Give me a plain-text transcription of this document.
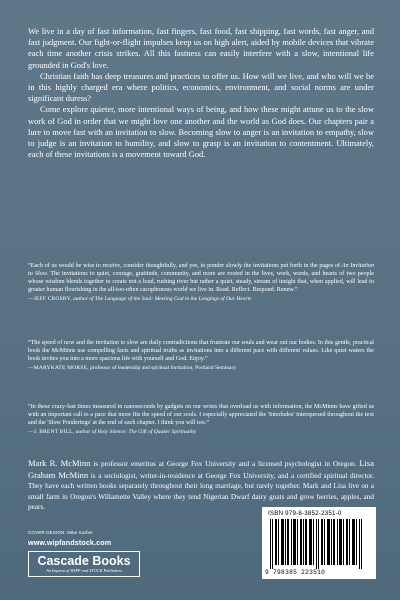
We live in a day of fast information, fast fingers, fast food, fast shipping, fast words, fast anger, and fast judgment. Our fight-or-flight impulses keep us on high alert, aided by mobile devices that vibrate each time another crisis strikes. All this fastness can easily interfere with a slow, intentional life grounded in God's love.

Christian faith has deep treasures and practices to offer us. How will we live, and who will we be in this highly charged era where politics, economics, environment, and social norms are under significant duress?

Come explore quieter, more intentional ways of being, and how these might attune us to the slow work of God in order that we might love one another and the world as God does. Our chapters pair a lure to move fast with an invitation to slow. Becoming slow to anger is an invitation to empathy, slow to judge is an invitation to humility, and slow to grasp is an invitation to contentment. Ultimately, each of these invitations is a movement toward God.

“Each of us would be wise to receive, consider thoughtfully, and yes, to ponder slowly the invitations put forth in the pages of An Invitation to Slow. The invitations to quiet, courage, gratitude, community, and more are rooted in the lives, work, words, and hearts of two people whose wisdom blends together to create not a loud, rushing river but rather a quiet, steady, stream of insight that, when applied, will lead to greater human flourishing in the all-too-often cacophonous world we live in. Read. Reflect. Respond. Renew.”
—JEFF CROSBY, author of The Language of the Soul: Meeting God in the Longings of Our Hearts
“The speed of now and the invitation to slow are daily contradictions that frustrate our souls and wear out our bodies. In this gentle, practical book the McMinns use compelling facts and spiritual truths as invitations into a different pace with different values. Like quiet waters the book invites you into a more spacious life with yourself and God. Enjoy.”
—MARYKATE MORSE, professor of leadership and spiritual formation, Portland Seminary
“In these crazy-fast times measured in nanoseconds by gadgets on our wrists that overload us with information, the McMinns have gifted us with an important call to a pace that more fits the speed of our souls. I especially appreciated the 'Interludes' interspersed throughout the text and the 'Slow Ponderings' at the end of each chapter. I think you will too.”
—J. BRENT BILL, author of Holy Silence: The Gift of Quaker Spirituality
Mark R. McMinn is professor emeritus at George Fox University and a licensed psychologist in Oregon. Lisa Graham McMinn is a sociologist, writer-in-residence at George Fox University, and a certified spiritual director. They have each written books separately throughout their long marriage, but rarely together. Mark and Lisa live on a small farm in Oregon's Willamette Valley where they tend Nigerian Dwarf dairy goats and grow berries, apples, and pears.
COVER DESIGN: Mike Surber
www.wipfandstock.com
Cascade Books
An Imprint of WIPF and STOCK Publishers
ISBN 979-8-3852-2351-0
9 798385 223510
